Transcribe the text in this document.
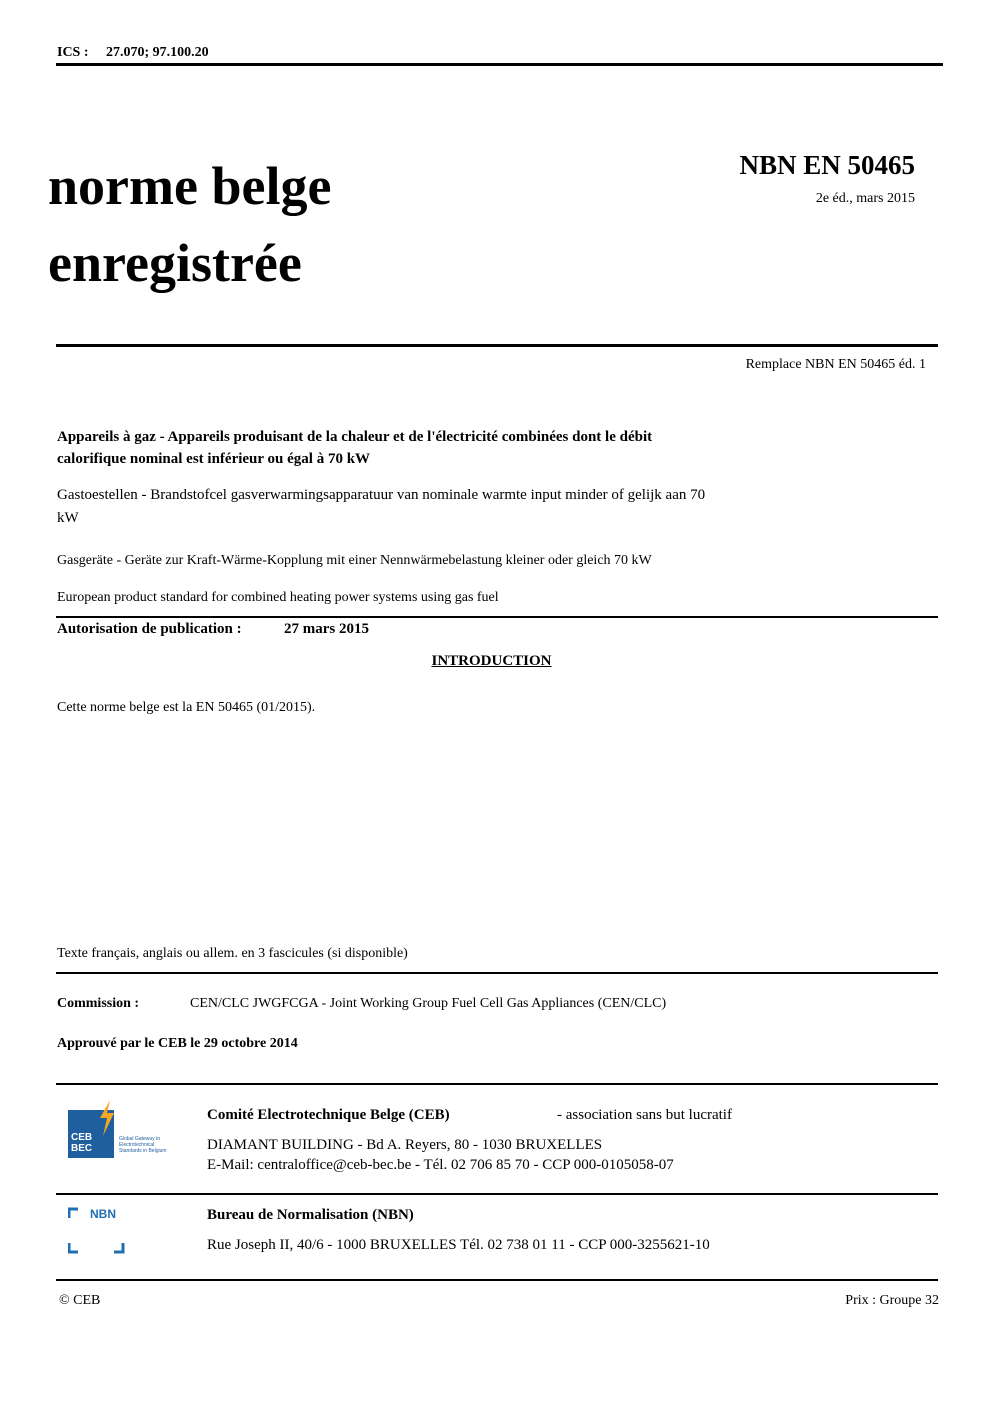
ICS : 27.070; 97.100.20
norme belge
enregistrée
NBN EN 50465
2e éd., mars 2015
Remplace NBN EN 50465 éd. 1
Appareils à gaz - Appareils produisant de la chaleur et de l'électricité combinées dont le débit
calorifique nominal est inférieur ou égal à 70 kW
Gastoestellen - Brandstofcel gasverwarmingsapparatuur van nominale warmte input minder of gelijk aan 70
kW
Gasgeräte - Geräte zur Kraft-Wärme-Kopplung mit einer Nennwärmebelastung kleiner oder gleich 70 kW
European product standard for combined heating power systems using gas fuel
Autorisation de publication :	27 mars 2015
INTRODUCTION
Cette norme belge est la EN 50465 (01/2015).
Texte français, anglais ou allem. en 3 fascicules (si disponible)
Commission :	CEN/CLC JWGFCGA - Joint Working Group Fuel Cell Gas Appliances (CEN/CLC)
Approuvé par le CEB le 29 octobre 2014
CEB
BEC
Global Gateway to
Electrotechnical
Standards in Belgium
Comité Electrotechnique Belge (CEB)	- association sans but lucratif
DIAMANT BUILDING - Bd A. Reyers, 80 - 1030 BRUXELLES
E-Mail: centraloffice@ceb-bec.be - Tél. 02 706 85 70 - CCP 000-0105058-07
NBN	Bureau de Normalisation (NBN)
Rue Joseph II, 40/6 - 1000 BRUXELLES Tél. 02 738 01 11 - CCP 000-3255621-10
© CEB	Prix : Groupe 32
